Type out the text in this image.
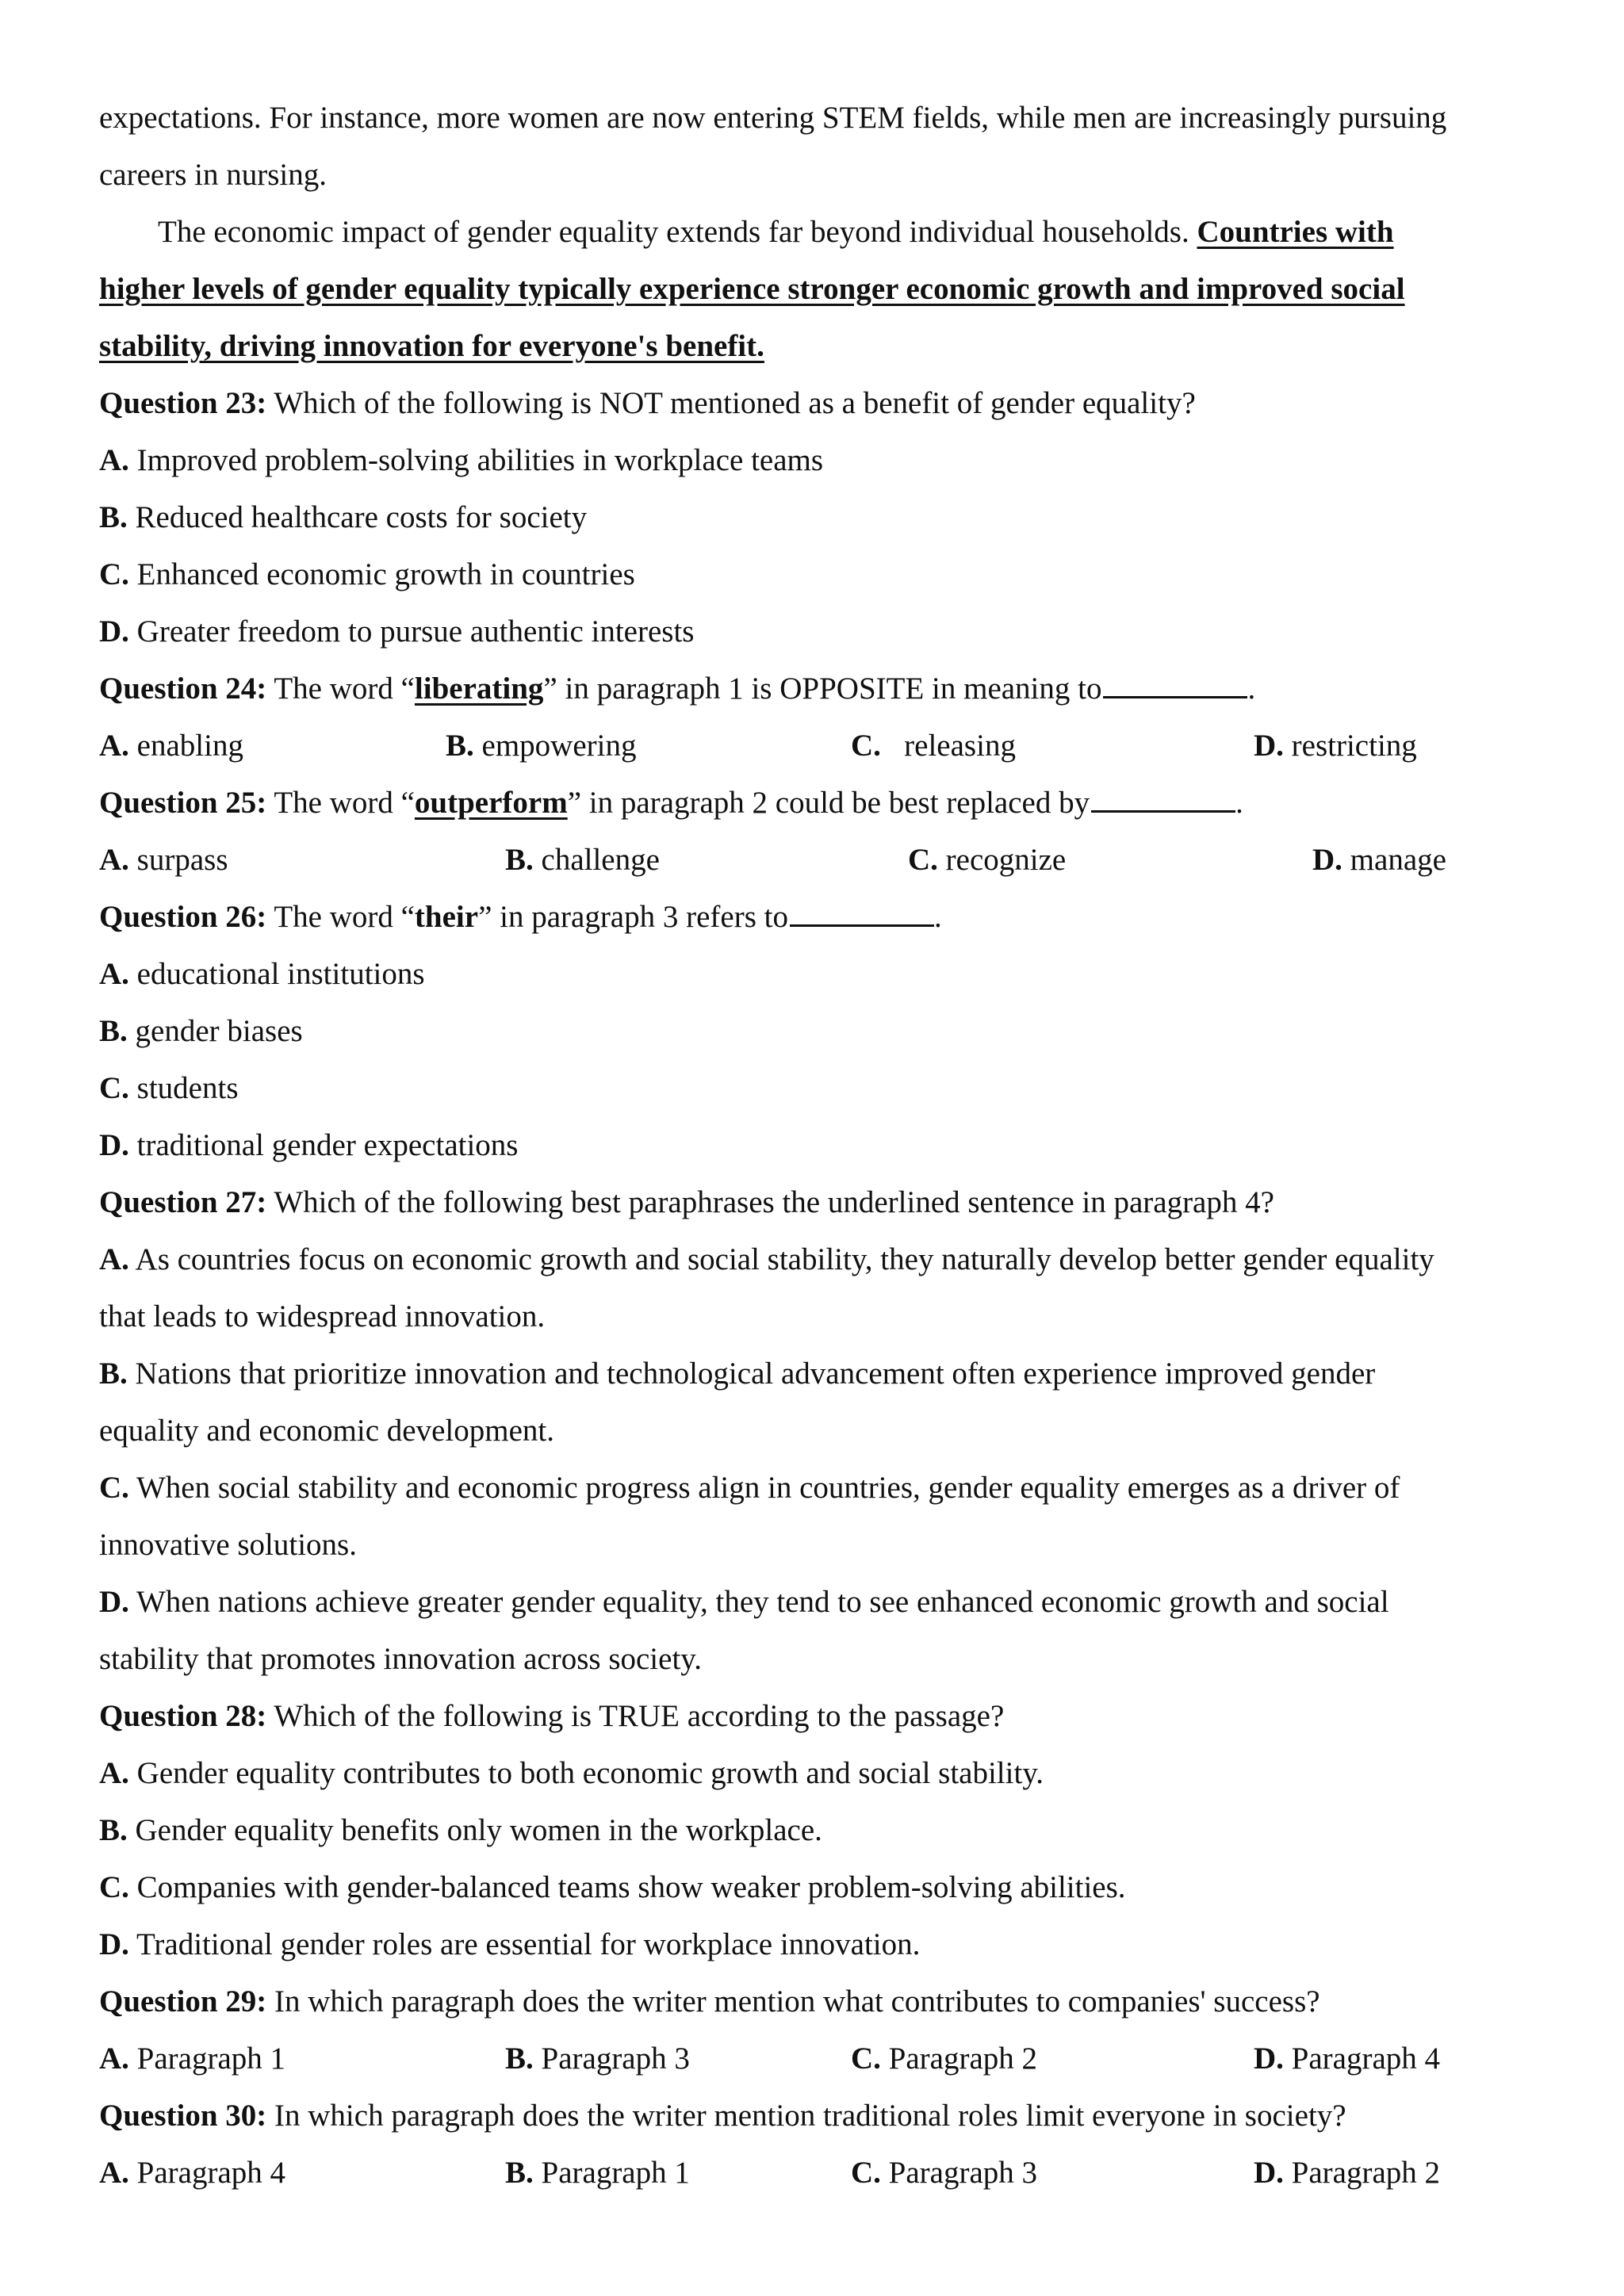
expectations. For instance, more women are now entering STEM fields, while men are increasingly pursuing
careers in nursing.
The economic impact of gender equality extends far beyond individual households. Countries with
higher levels of gender equality typically experience stronger economic growth and improved social
stability, driving innovation for everyone's benefit.
Question 23: Which of the following is NOT mentioned as a benefit of gender equality?
A. Improved problem-solving abilities in workplace teams
B. Reduced healthcare costs for society
C. Enhanced economic growth in countries
D. Greater freedom to pursue authentic interests
Question 24: The word “liberating” in paragraph 1 is OPPOSITE in meaning to	.
A. enabling	B. empowering	C. releasing	D. restricting
Question 25: The word “outperform” in paragraph 2 could be best replaced by	.
A. surpass	B. challenge	C. recognize	D. manage
Question 26: The word “their” in paragraph 3 refers to	.
A. educational institutions
B. gender biases
C. students
D. traditional gender expectations
Question 27: Which of the following best paraphrases the underlined sentence in paragraph 4?
A. As countries focus on economic growth and social stability, they naturally develop better gender equality
that leads to widespread innovation.
B. Nations that prioritize innovation and technological advancement often experience improved gender
equality and economic development.
C. When social stability and economic progress align in countries, gender equality emerges as a driver of
innovative solutions.
D. When nations achieve greater gender equality, they tend to see enhanced economic growth and social
stability that promotes innovation across society.
Question 28: Which of the following is TRUE according to the passage?
A. Gender equality contributes to both economic growth and social stability.
B. Gender equality benefits only women in the workplace.
C. Companies with gender-balanced teams show weaker problem-solving abilities.
D. Traditional gender roles are essential for workplace innovation.
Question 29: In which paragraph does the writer mention what contributes to companies' success?
A. Paragraph 1	B. Paragraph 3	C. Paragraph 2	D. Paragraph 4
Question 30: In which paragraph does the writer mention traditional roles limit everyone in society?
A. Paragraph 4	B. Paragraph 1	C. Paragraph 3	D. Paragraph 2
